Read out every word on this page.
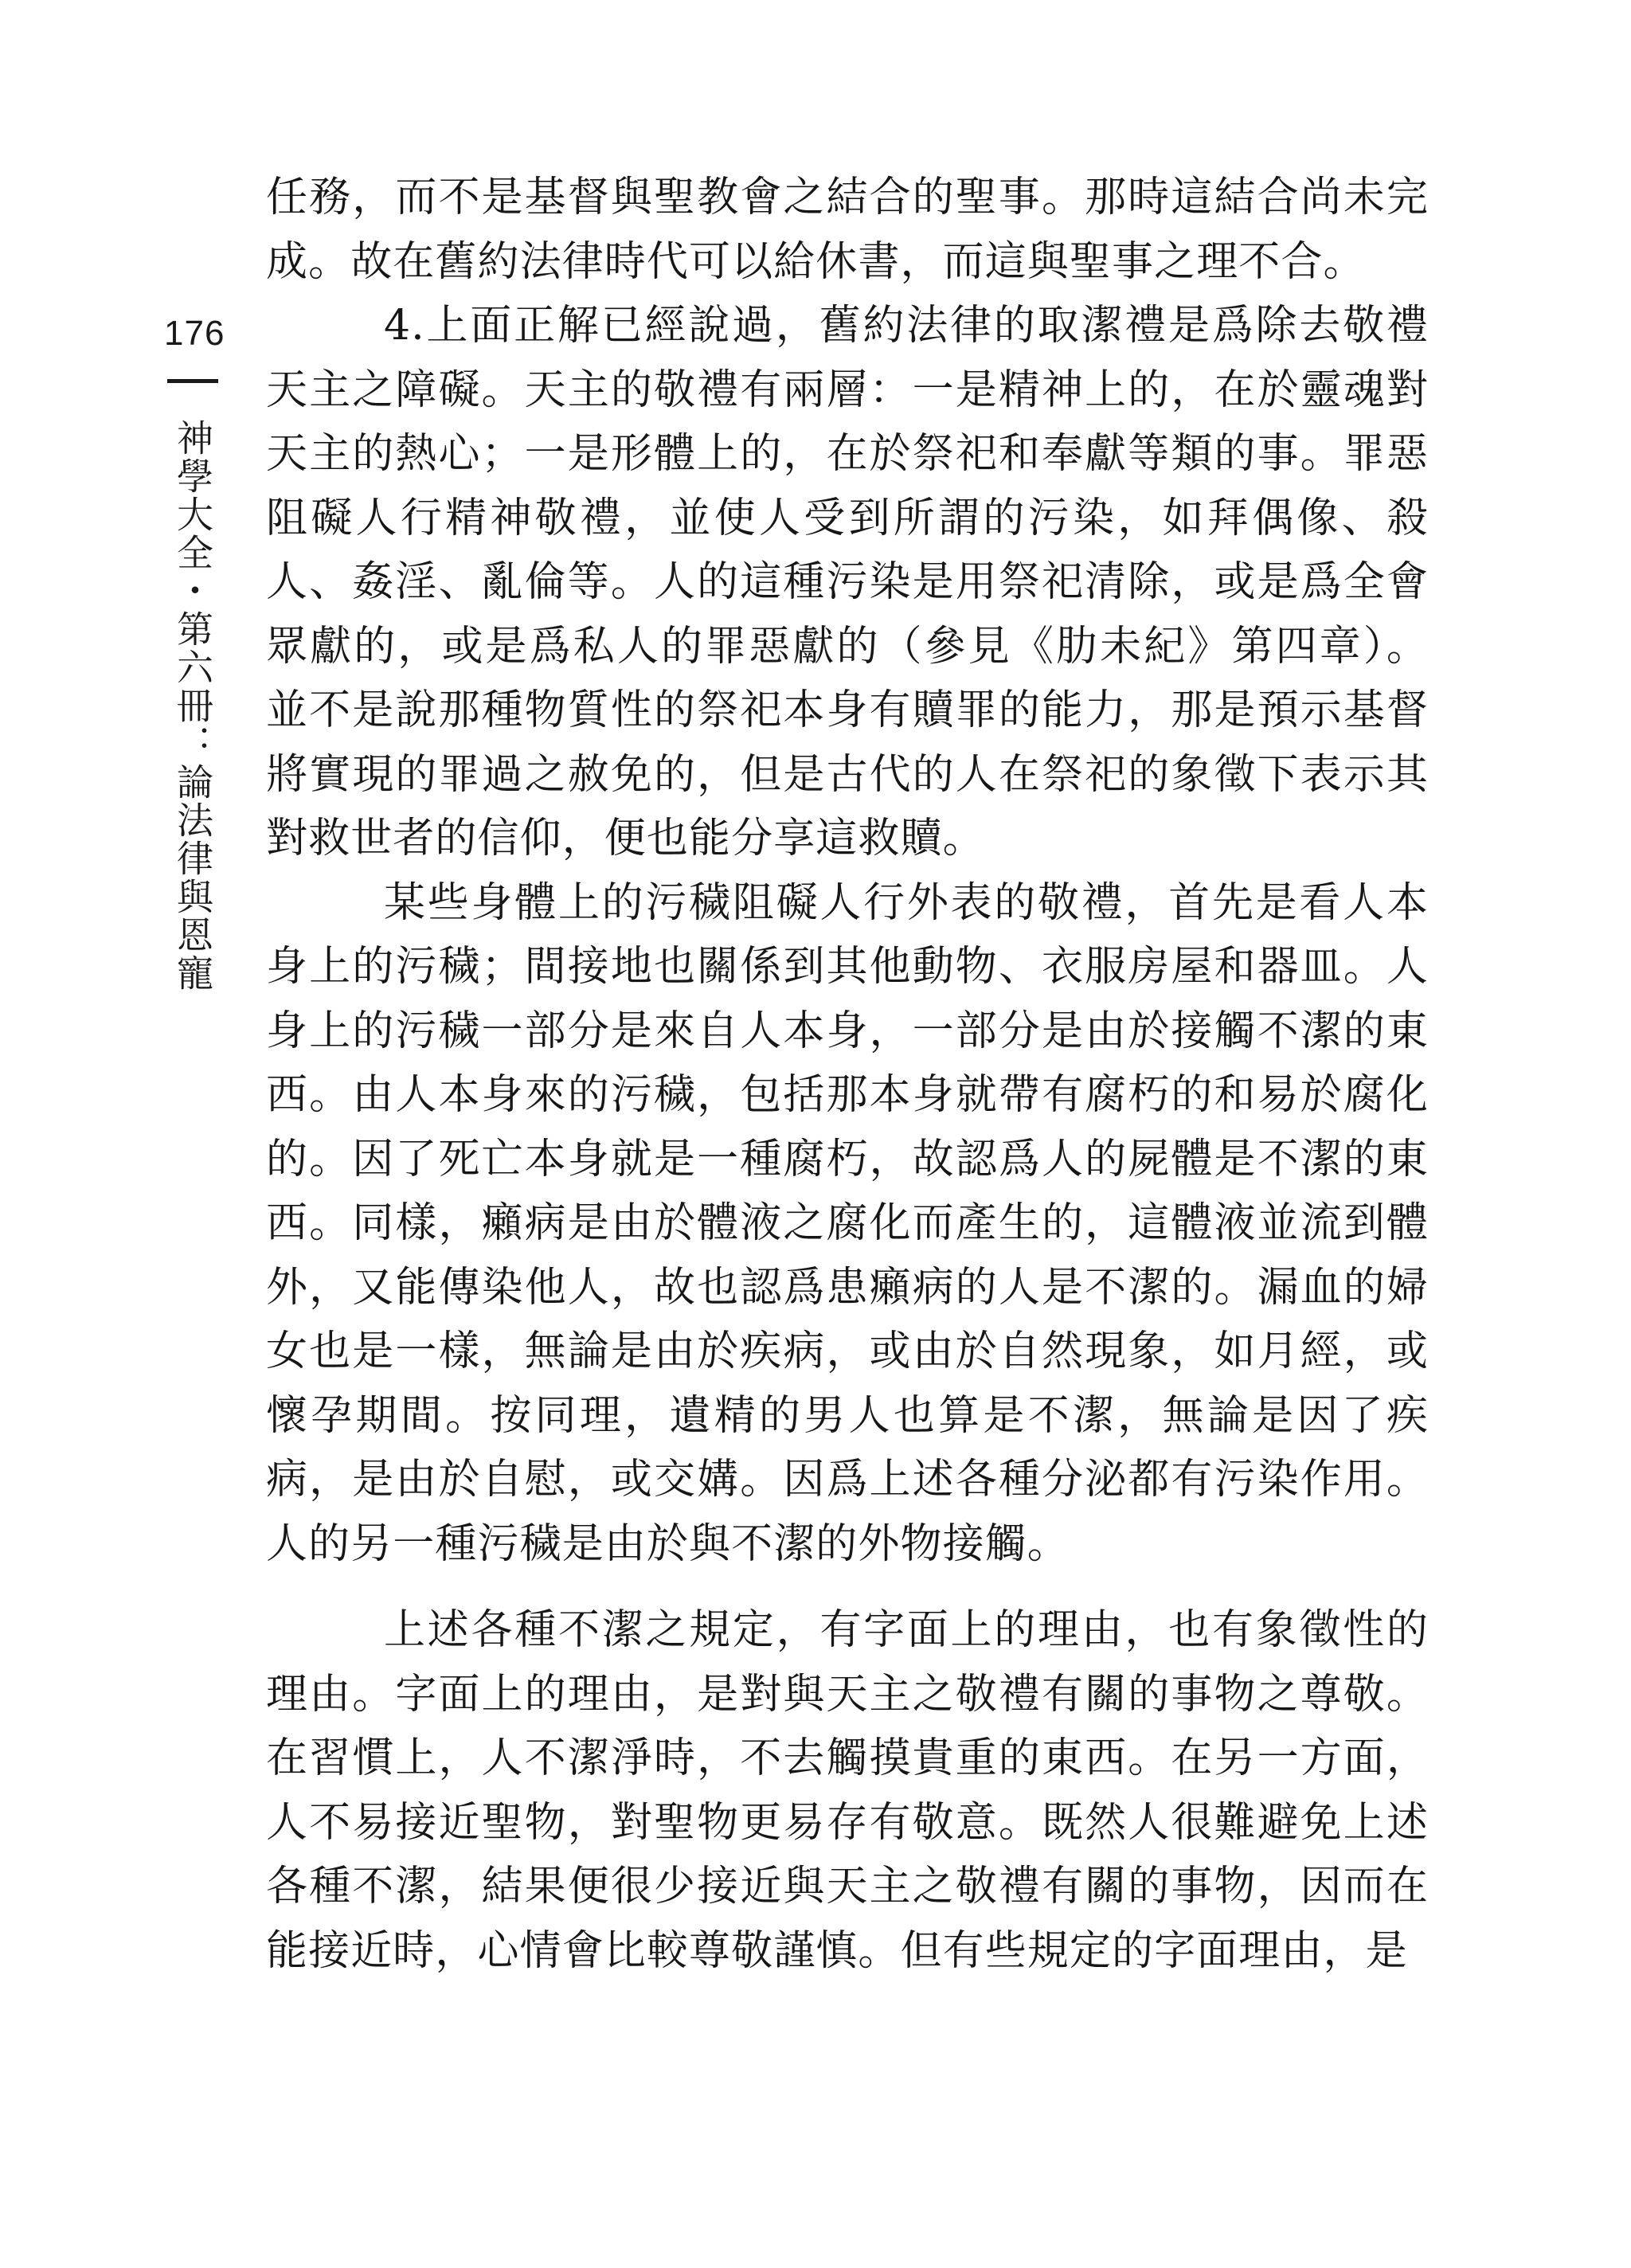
176
神學大全・第六冊：論法律與恩寵

任務，而不是基督與聖教會之結合的聖事。那時這結合尚未完成。故在舊約法律時代可以給休書，而這與聖事之理不合。

4.上面正解已經說過，舊約法律的取潔禮是爲除去敬禮天主之障礙。天主的敬禮有兩層：一是精神上的，在於靈魂對天主的熱心；一是形體上的，在於祭祀和奉獻等類的事。罪惡阻礙人行精神敬禮，並使人受到所謂的污染，如拜偶像、殺人、姦淫、亂倫等。人的這種污染是用祭祀清除，或是爲全會眾獻的，或是爲私人的罪惡獻的（參見《肋未紀》第四章）。並不是說那種物質性的祭祀本身有贖罪的能力，那是預示基督將實現的罪過之赦免的，但是古代的人在祭祀的象徵下表示其對救世者的信仰，便也能分享這救贖。

某些身體上的污穢阻礙人行外表的敬禮，首先是看人本身上的污穢；間接地也關係到其他動物、衣服房屋和器皿。人身上的污穢一部分是來自人本身，一部分是由於接觸不潔的東西。由人本身來的污穢，包括那本身就帶有腐朽的和易於腐化的。因了死亡本身就是一種腐朽，故認爲人的屍體是不潔的東西。同樣，癩病是由於體液之腐化而產生的，這體液並流到體外，又能傳染他人，故也認爲患癩病的人是不潔的。漏血的婦女也是一樣，無論是由於疾病，或由於自然現象，如月經，或懷孕期間。按同理，遺精的男人也算是不潔，無論是因了疾病，是由於自慰，或交媾。因爲上述各種分泌都有污染作用。人的另一種污穢是由於與不潔的外物接觸。

上述各種不潔之規定，有字面上的理由，也有象徵性的理由。字面上的理由，是對與天主之敬禮有關的事物之尊敬。在習慣上，人不潔淨時，不去觸摸貴重的東西。在另一方面，人不易接近聖物，對聖物更易存有敬意。既然人很難避免上述各種不潔，結果便很少接近與天主之敬禮有關的事物，因而在能接近時，心情會比較尊敬謹慎。但有些規定的字面理由，是
